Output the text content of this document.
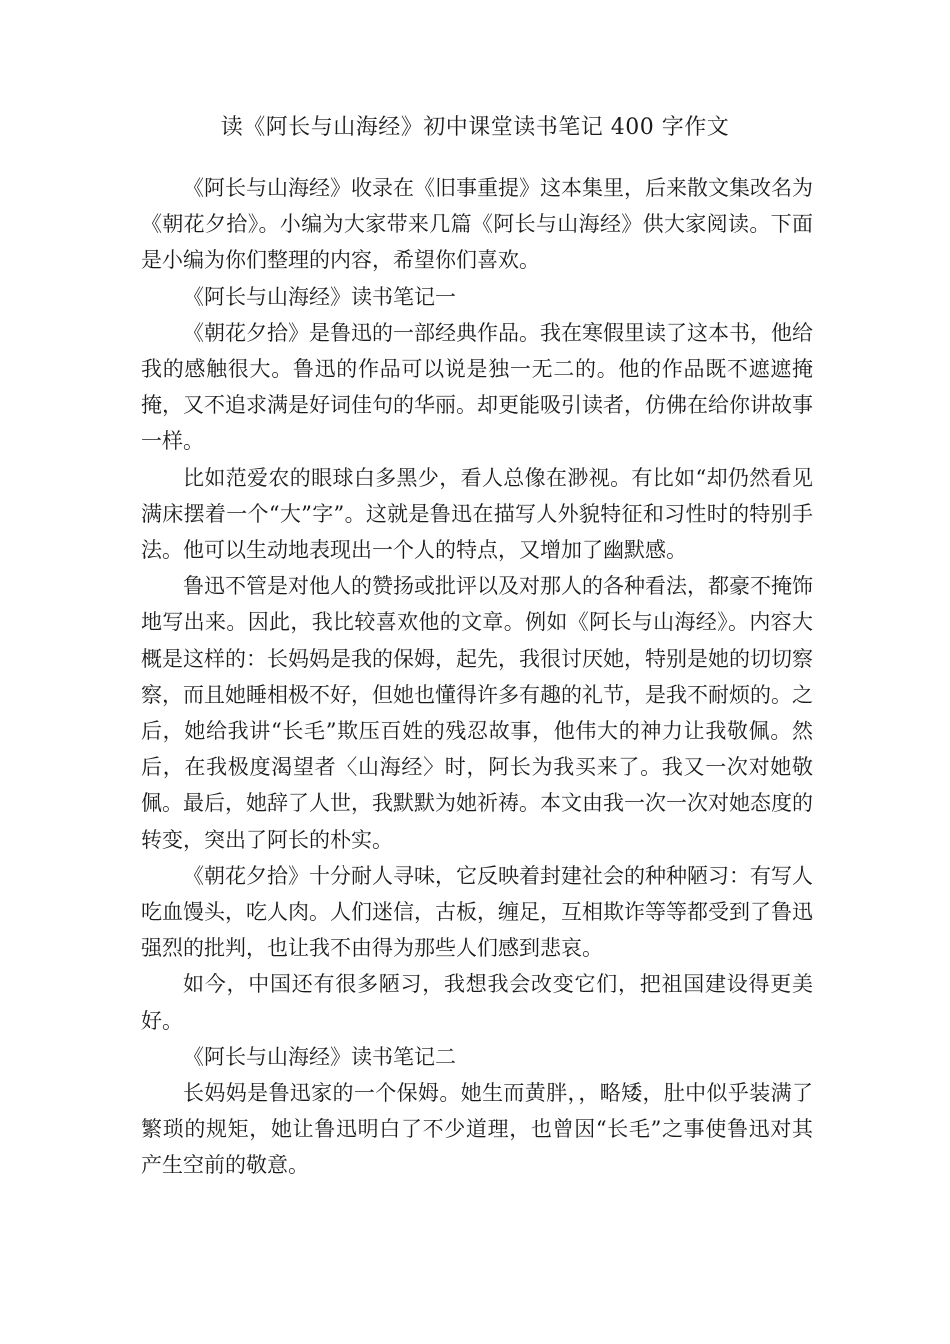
读《阿长与山海经》初中课堂读书笔记 400 字作文

《阿长与山海经》收录在《旧事重提》这本集里，后来散文集改名为《朝花夕拾》。小编为大家带来几篇《阿长与山海经》供大家阅读。下面是小编为你们整理的内容，希望你们喜欢。

《阿长与山海经》读书笔记一

《朝花夕拾》是鲁迅的一部经典作品。我在寒假里读了这本书，他给我的感触很大。鲁迅的作品可以说是独一无二的。他的作品既不遮遮掩掩，又不追求满是好词佳句的华丽。却更能吸引读者，仿佛在给你讲故事一样。

比如范爱农的眼球白多黑少，看人总像在渺视。有比如“却仍然看见满床摆着一个“大”字”。这就是鲁迅在描写人外貌特征和习性时的特别手法。他可以生动地表现出一个人的特点，又增加了幽默感。

鲁迅不管是对他人的赞扬或批评以及对那人的各种看法，都豪不掩饰地写出来。因此，我比较喜欢他的文章。例如《阿长与山海经》。内容大概是这样的：长妈妈是我的保姆，起先，我很讨厌她，特别是她的切切察察，而且她睡相极不好，但她也懂得许多有趣的礼节，是我不耐烦的。之后，她给我讲“长毛”欺压百姓的残忍故事，他伟大的神力让我敬佩。然后，在我极度渴望者〈山海经〉时，阿长为我买来了。我又一次对她敬佩。最后，她辞了人世，我默默为她祈祷。本文由我一次一次对她态度的转变，突出了阿长的朴实。

《朝花夕拾》十分耐人寻味，它反映着封建社会的种种陋习：有写人吃血馒头，吃人肉。人们迷信，古板，缠足，互相欺诈等等都受到了鲁迅强烈的批判，也让我不由得为那些人们感到悲哀。

如今，中国还有很多陋习，我想我会改变它们，把祖国建设得更美好。

《阿长与山海经》读书笔记二

长妈妈是鲁迅家的一个保姆。她生而黄胖，，略矮，肚中似乎装满了繁琐的规矩，她让鲁迅明白了不少道理，也曾因“长毛”之事使鲁迅对其产生空前的敬意。
